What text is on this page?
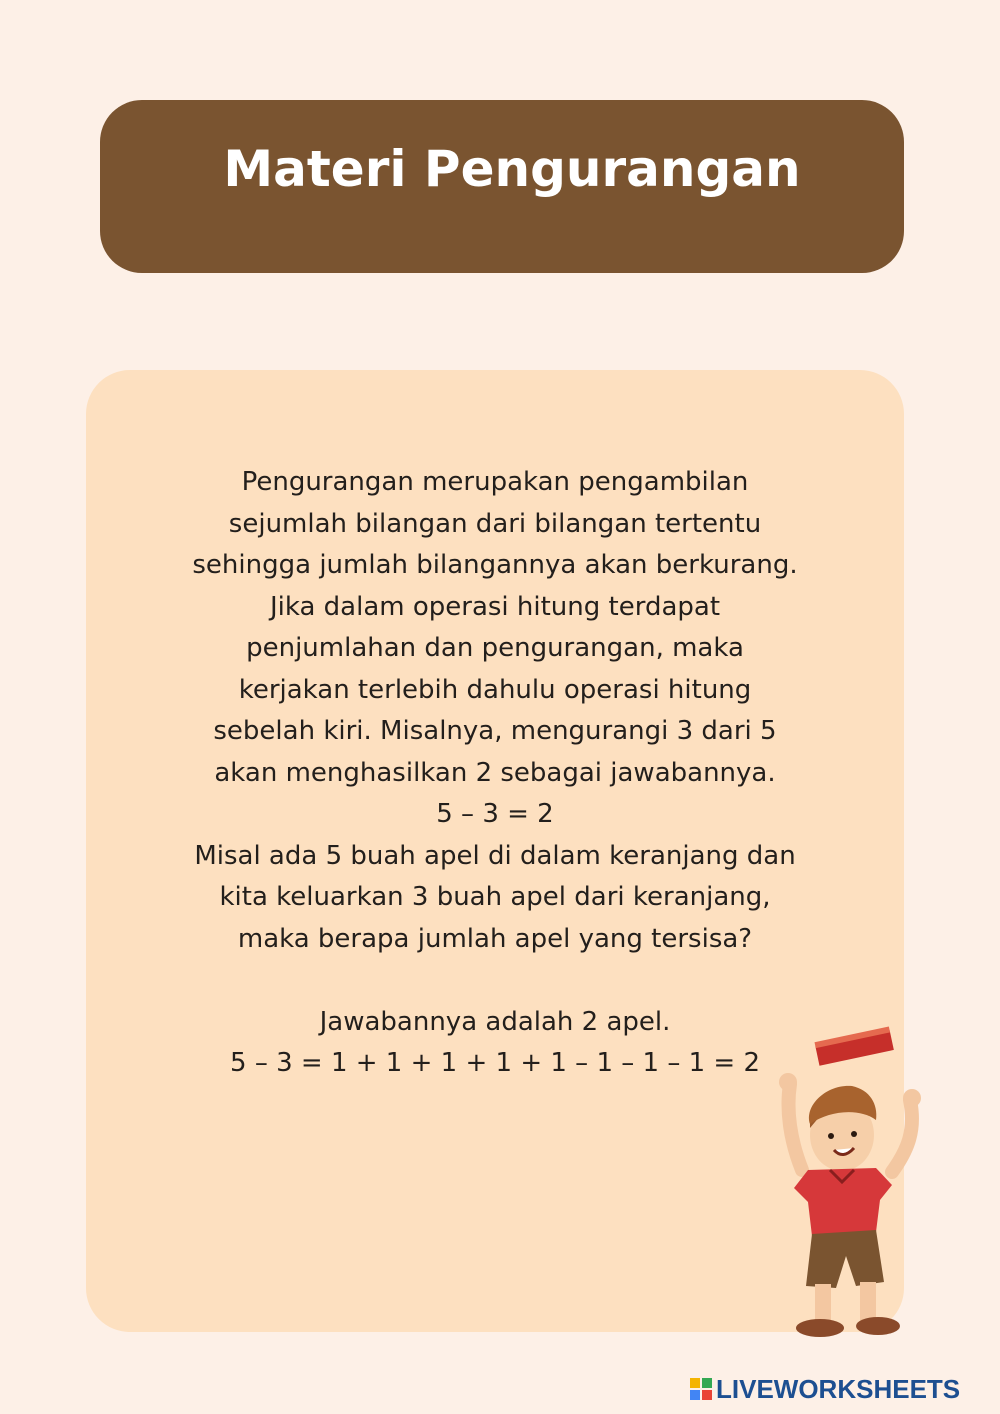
Materi Pengurangan
Pengurangan merupakan pengambilan
sejumlah bilangan dari bilangan tertentu
sehingga jumlah bilangannya akan berkurang.
Jika dalam operasi hitung terdapat
penjumlahan dan pengurangan, maka
kerjakan terlebih dahulu operasi hitung
sebelah kiri. Misalnya, mengurangi 3 dari 5
akan menghasilkan 2 sebagai jawabannya.
5 – 3 = 2
Misal ada 5 buah apel di dalam keranjang dan
kita keluarkan 3 buah apel dari keranjang,
maka berapa jumlah apel yang tersisa?
Jawabannya adalah 2 apel.
5 – 3 = 1 + 1 + 1 + 1 + 1 – 1 – 1 – 1 = 2
LIVEWORKSHEETS
